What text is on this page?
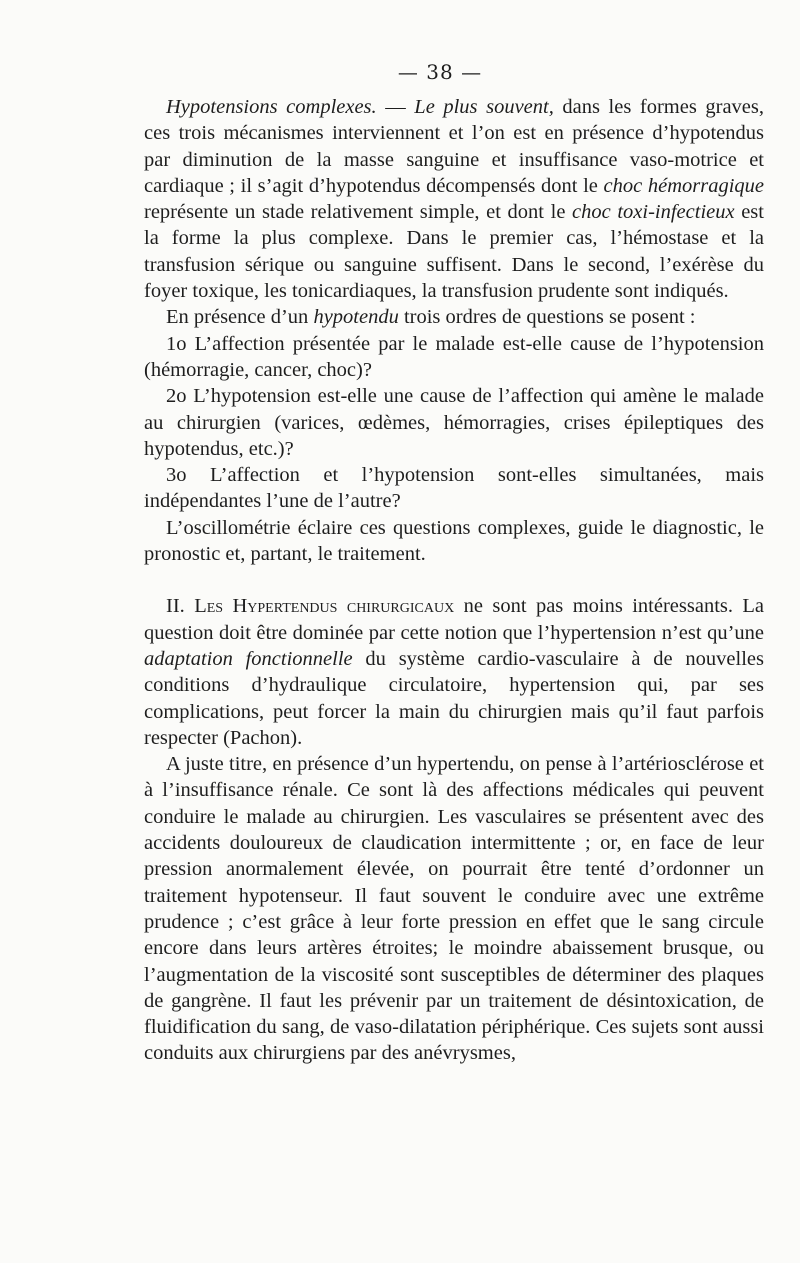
— 38 —

Hypotensions complexes. — Le plus souvent, dans les formes graves, ces trois mécanismes interviennent et l’on est en présence d’hypotendus par diminution de la masse sanguine et insuffisance vaso-motrice et cardiaque ; il s’agit d’hypotendus décompensés dont le choc hémorragique représente un stade relativement simple, et dont le choc toxi-infectieux est la forme la plus complexe. Dans le premier cas, l’hémostase et la transfusion sérique ou sanguine suffisent. Dans le second, l’exérèse du foyer toxique, les tonicardiaques, la transfusion prudente sont indiqués.

En présence d’un hypotendu trois ordres de questions se posent :

1o L’affection présentée par le malade est-elle cause de l’hypotension (hémorragie, cancer, choc)?

2o L’hypotension est-elle une cause de l’affection qui amène le malade au chirurgien (varices, œdèmes, hémorragies, crises épileptiques des hypotendus, etc.)?

3o L’affection et l’hypotension sont-elles simultanées, mais indépendantes l’une de l’autre?

L’oscillométrie éclaire ces questions complexes, guide le diagnostic, le pronostic et, partant, le traitement.

II. Les Hypertendus chirurgicaux ne sont pas moins intéressants. La question doit être dominée par cette notion que l’hypertension n’est qu’une adaptation fonctionnelle du système cardio-vasculaire à de nouvelles conditions d’hydraulique circulatoire, hypertension qui, par ses complications, peut forcer la main du chirurgien mais qu’il faut parfois respecter (Pachon).

A juste titre, en présence d’un hypertendu, on pense à l’artériosclérose et à l’insuffisance rénale. Ce sont là des affections médicales qui peuvent conduire le malade au chirurgien. Les vasculaires se présentent avec des accidents douloureux de claudication intermittente ; or, en face de leur pression anormalement élevée, on pourrait être tenté d’ordonner un traitement hypotenseur. Il faut souvent le conduire avec une extrême prudence ; c’est grâce à leur forte pression en effet que le sang circule encore dans leurs artères étroites; le moindre abaissement brusque, ou l’augmentation de la viscosité sont susceptibles de déterminer des plaques de gangrène. Il faut les prévenir par un traitement de désintoxication, de fluidification du sang, de vaso-dilatation périphérique. Ces sujets sont aussi conduits aux chirurgiens par des anévrysmes,
